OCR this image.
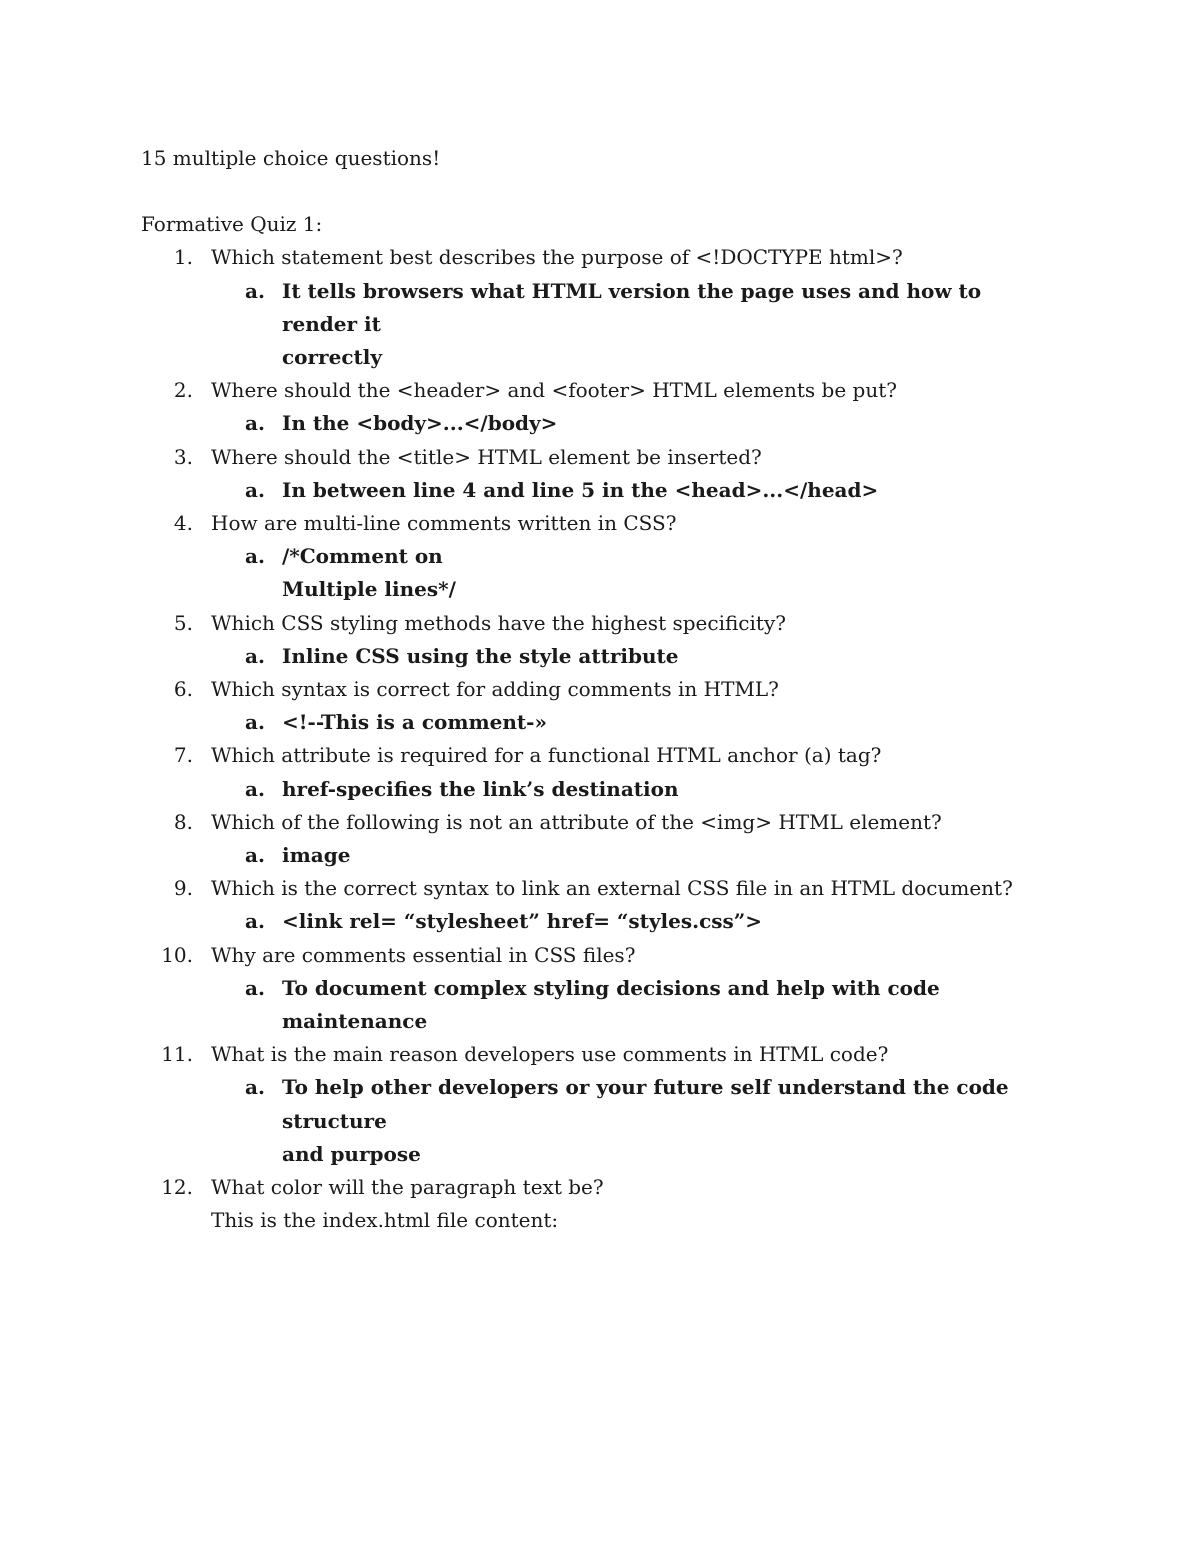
15 multiple choice questions!
Formative Quiz 1:
1. Which statement best describes the purpose of <!DOCTYPE html>?
a. It tells browsers what HTML version the page uses and how to render it
correctly
2. Where should the <header> and <footer> HTML elements be put?
a. In the <body>...</body>
3. Where should the <title> HTML element be inserted?
a. In between line 4 and line 5 in the <head>...</head>
4. How are multi-line comments written in CSS?
a. /*Comment on
Multiple lines*/
5. Which CSS styling methods have the highest specificity?
a. Inline CSS using the style attribute
6. Which syntax is correct for adding comments in HTML?
a. <!--This is a comment-»
7. Which attribute is required for a functional HTML anchor (a) tag?
a. href-specifies the link’s destination
8. Which of the following is not an attribute of the <img> HTML element?
a. image
9. Which is the correct syntax to link an external CSS file in an HTML document?
a. <link rel= “stylesheet” href= “styles.css”>
10. Why are comments essential in CSS files?
a. To document complex styling decisions and help with code maintenance
11. What is the main reason developers use comments in HTML code?
a. To help other developers or your future self understand the code structure
and purpose
12. What color will the paragraph text be?
This is the index.html file content:
